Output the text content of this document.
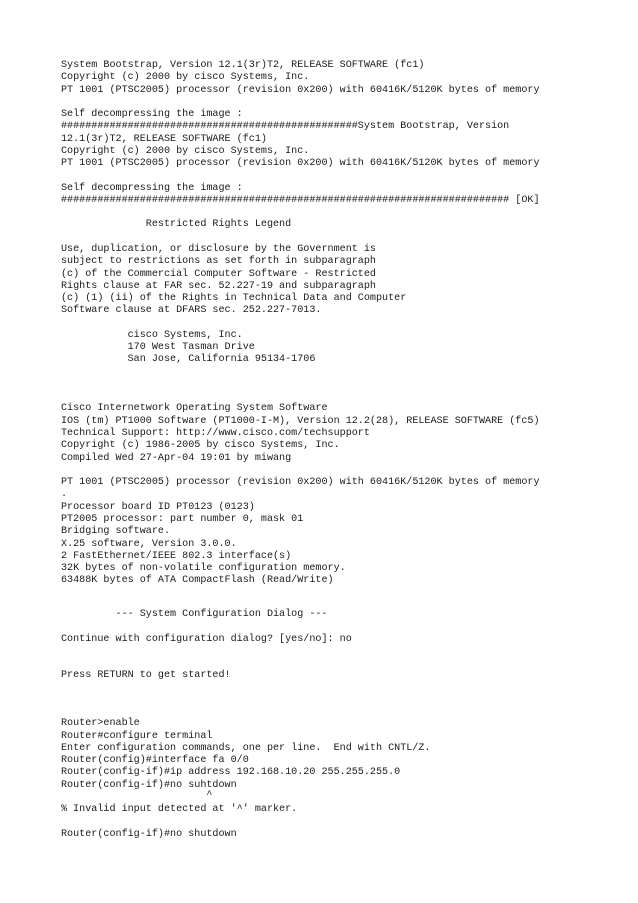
System Bootstrap, Version 12.1(3r)T2, RELEASE SOFTWARE (fc1)
Copyright (c) 2000 by cisco Systems, Inc.
PT 1001 (PTSC2005) processor (revision 0x200) with 60416K/5120K bytes of memory
Self decompressing the image :
#################################################System Bootstrap, Version
12.1(3r)T2, RELEASE SOFTWARE (fc1)
Copyright (c) 2000 by cisco Systems, Inc.
PT 1001 (PTSC2005) processor (revision 0x200) with 60416K/5120K bytes of memory
Self decompressing the image :
########################################################################## [OK]
Restricted Rights Legend
Use, duplication, or disclosure by the Government is
subject to restrictions as set forth in subparagraph
(c) of the Commercial Computer Software - Restricted
Rights clause at FAR sec. 52.227-19 and subparagraph
(c) (1) (ii) of the Rights in Technical Data and Computer
Software clause at DFARS sec. 252.227-7013.
cisco Systems, Inc.
170 West Tasman Drive
San Jose, California 95134-1706
Cisco Internetwork Operating System Software
IOS (tm) PT1000 Software (PT1000-I-M), Version 12.2(28), RELEASE SOFTWARE (fc5)
Technical Support: http://www.cisco.com/techsupport
Copyright (c) 1986-2005 by cisco Systems, Inc.
Compiled Wed 27-Apr-04 19:01 by miwang
PT 1001 (PTSC2005) processor (revision 0x200) with 60416K/5120K bytes of memory
.
Processor board ID PT0123 (0123)
PT2005 processor: part number 0, mask 01
Bridging software.
X.25 software, Version 3.0.0.
2 FastEthernet/IEEE 802.3 interface(s)
32K bytes of non-volatile configuration memory.
63488K bytes of ATA CompactFlash (Read/Write)
--- System Configuration Dialog ---
Continue with configuration dialog? [yes/no]: no
Press RETURN to get started!
Router>enable
Router#configure terminal
Enter configuration commands, one per line.  End with CNTL/Z.
Router(config)#interface fa 0/0
Router(config-if)#ip address 192.168.10.20 255.255.255.0
Router(config-if)#no suhtdown
^
% Invalid input detected at '^' marker.
Router(config-if)#no shutdown
